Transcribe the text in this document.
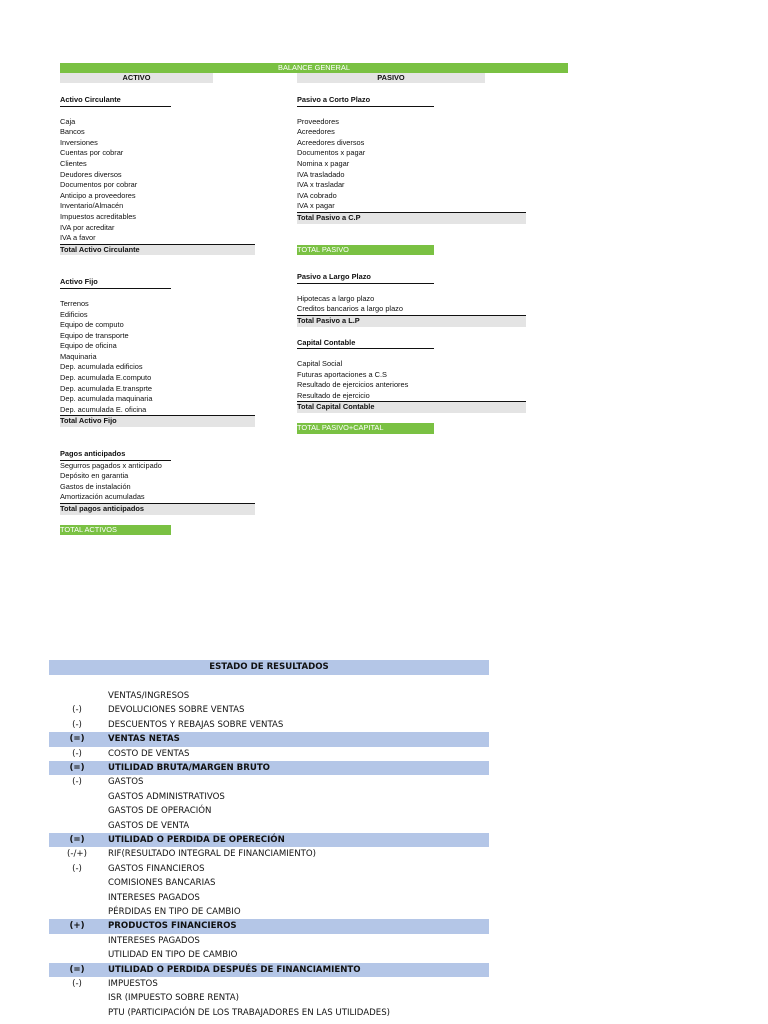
BALANCE GENERAL
ACTIVO	PASIVO
Activo Circulante
Caja
Bancos
Inversiones
Cuentas por cobrar
Clientes
Deudores diversos
Documentos por cobrar
Anticipo a proveedores
Inventario/Almacén
Impuestos acreditables
IVA por acreditar
IVA a favor
Total Activo Circulante
Activo Fijo
Terrenos
Edificios
Equipo de computo
Equipo de transporte
Equipo de oficina
Maquinaria
Dep. acumulada edificios
Dep. acumulada E.computo
Dep. acumulada E.transprte
Dep. acumulada maquinaria
Dep. acumulada E. oficina
Total Activo Fijo
Pagos anticipados
Segurros pagados x anticipado
Depósito en garantia
Gastos de instalación
Amortización acumuladas
Total pagos anticipados
TOTAL ACTIVOS
Pasivo a Corto Plazo
Proveedores
Acreedores
Acreedores diversos
Documentos x pagar
Nomina x pagar
IVA trasladado
IVA x trasladar
IVA cobrado
IVA x pagar
Total Pasivo a C.P
TOTAL PASIVO
Pasivo a Largo Plazo
Hipotecas a largo plazo
Creditos bancarios a largo plazo
Total Pasivo a L.P
Capital Contable
Capital Social
Futuras aportaciones a C.S
Resultado de ejercicios anteriores
Resultado de ejercicio
Total Capital Contable
TOTAL PASIVO+CAPITAL
ESTADO DE RESULTADOS
VENTAS/INGRESOS
(-)	DEVOLUCIONES SOBRE VENTAS
(-)	DESCUENTOS Y REBAJAS SOBRE VENTAS
(=)	VENTAS NETAS
(-)	COSTO DE VENTAS
(=)	UTILIDAD BRUTA/MARGEN BRUTO
(-)	GASTOS
GASTOS ADMINISTRATIVOS
GASTOS DE OPERACIÓN
GASTOS DE VENTA
(=)	UTILIDAD O PERDIDA DE OPERECIÓN
(-/+)	RIF(RESULTADO INTEGRAL DE FINANCIAMIENTO)
(-)	GASTOS FINANCIEROS
COMISIONES BANCARIAS
INTERESES PAGADOS
PÉRDIDAS EN TIPO DE CAMBIO
(+)	PRODUCTOS FINANCIEROS
INTERESES PAGADOS
UTILIDAD EN TIPO DE CAMBIO
(=)	UTILIDAD O PERDIDA DESPUÉS DE FINANCIAMIENTO
(-)	IMPUESTOS
ISR (IMPUESTO SOBRE RENTA)
PTU (PARTICIPACIÓN DE LOS TRABAJADORES EN LAS UTILIDADES)
